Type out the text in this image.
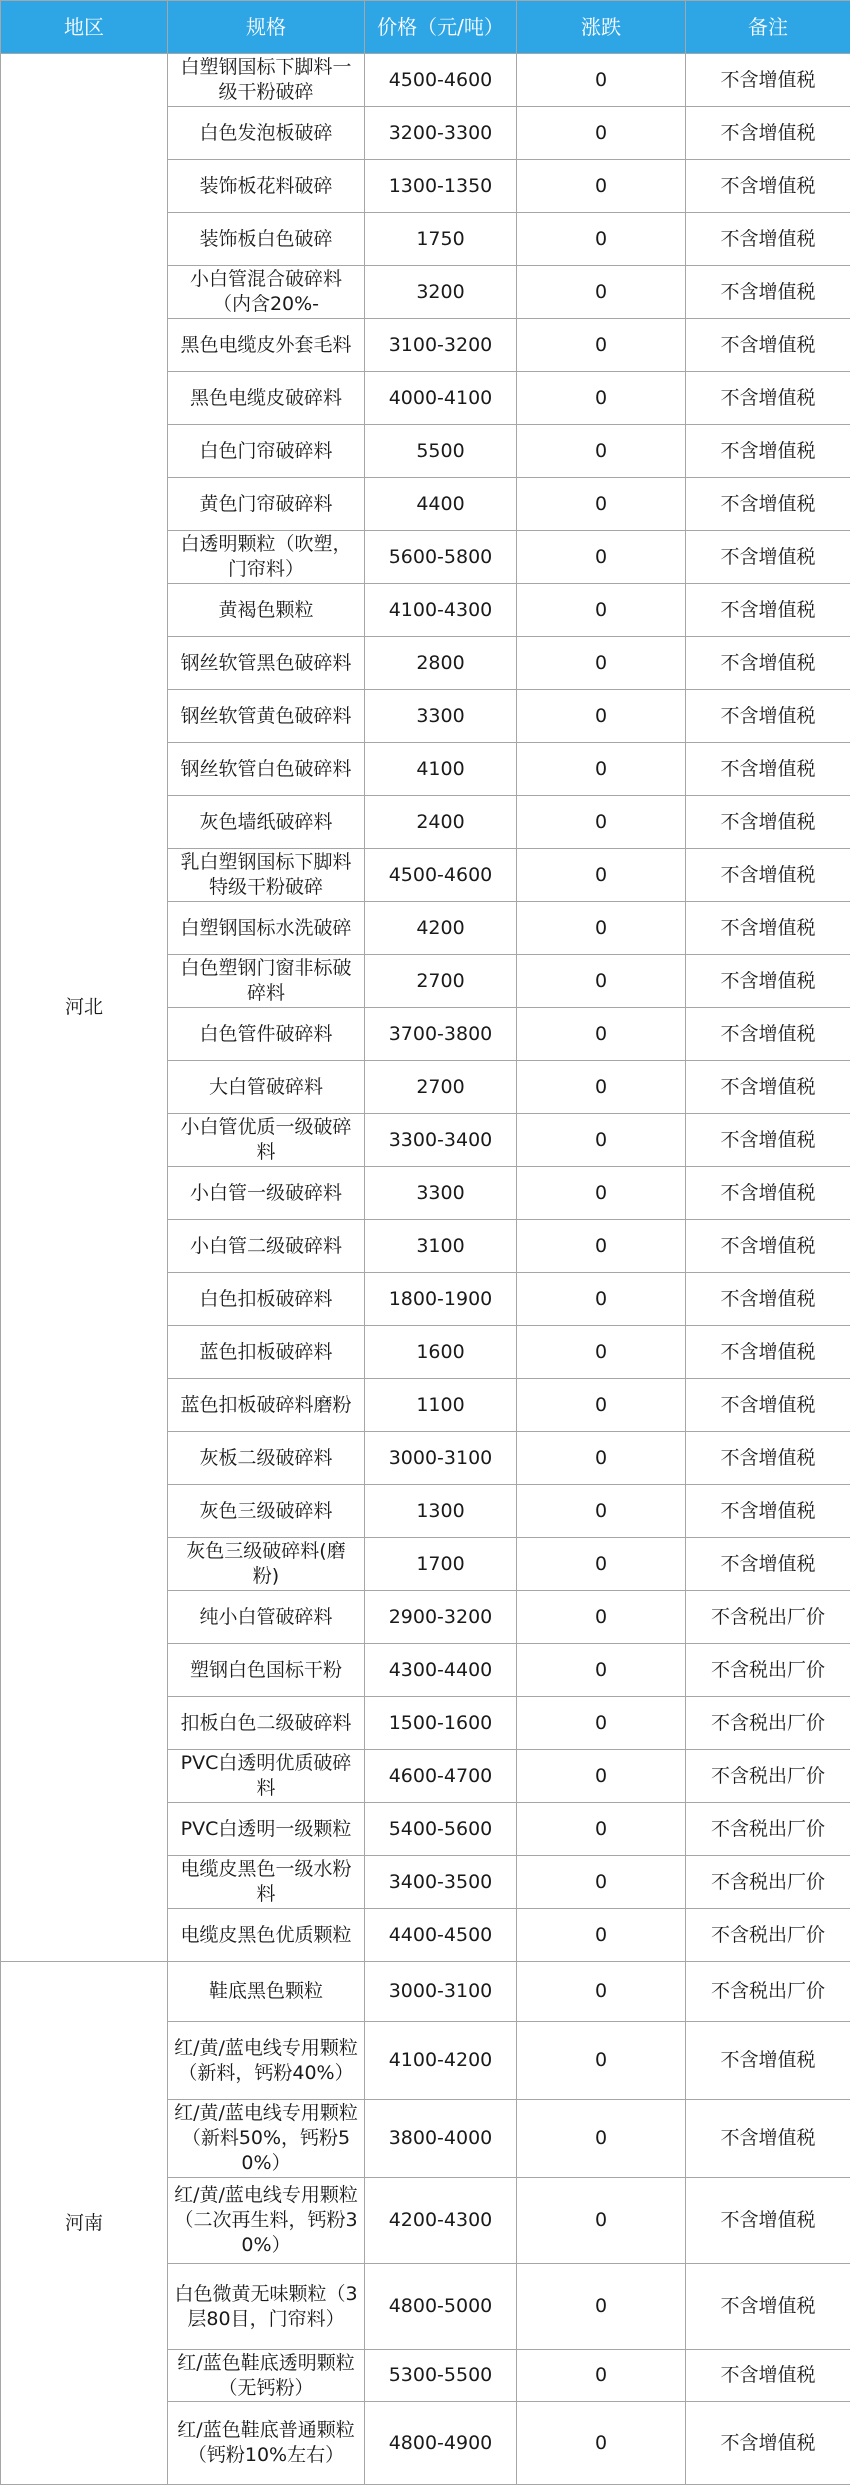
地区	规格	价格（元/吨）	涨跌	备注
河北	白塑钢国标下脚料一级干粉破碎	4500-4600	0	不含增值税
	白色发泡板破碎	3200-3300	0	不含增值税
	装饰板花料破碎	1300-1350	0	不含增值税
	装饰板白色破碎	1750	0	不含增值税
	小白管混合破碎料（内含20%-	3200	0	不含增值税
	黑色电缆皮外套毛料	3100-3200	0	不含增值税
	黑色电缆皮破碎料	4000-4100	0	不含增值税
	白色门帘破碎料	5500	0	不含增值税
	黄色门帘破碎料	4400	0	不含增值税
	白透明颗粒（吹塑，门帘料）	5600-5800	0	不含增值税
	黄褐色颗粒	4100-4300	0	不含增值税
	钢丝软管黑色破碎料	2800	0	不含增值税
	钢丝软管黄色破碎料	3300	0	不含增值税
	钢丝软管白色破碎料	4100	0	不含增值税
	灰色墙纸破碎料	2400	0	不含增值税
	乳白塑钢国标下脚料特级干粉破碎	4500-4600	0	不含增值税
	白塑钢国标水洗破碎	4200	0	不含增值税
	白色塑钢门窗非标破碎料	2700	0	不含增值税
	白色管件破碎料	3700-3800	0	不含增值税
	大白管破碎料	2700	0	不含增值税
	小白管优质一级破碎料	3300-3400	0	不含增值税
	小白管一级破碎料	3300	0	不含增值税
	小白管二级破碎料	3100	0	不含增值税
	白色扣板破碎料	1800-1900	0	不含增值税
	蓝色扣板破碎料	1600	0	不含增值税
	蓝色扣板破碎料磨粉	1100	0	不含增值税
	灰板二级破碎料	3000-3100	0	不含增值税
	灰色三级破碎料	1300	0	不含增值税
	灰色三级破碎料(磨粉)	1700	0	不含增值税
	纯小白管破碎料	2900-3200	0	不含税出厂价
	塑钢白色国标干粉	4300-4400	0	不含税出厂价
	扣板白色二级破碎料	1500-1600	0	不含税出厂价
	PVC白透明优质破碎料	4600-4700	0	不含税出厂价
	PVC白透明一级颗粒	5400-5600	0	不含税出厂价
	电缆皮黑色一级水粉料	3400-3500	0	不含税出厂价
	电缆皮黑色优质颗粒	4400-4500	0	不含税出厂价
河南	鞋底黑色颗粒	3000-3100	0	不含税出厂价
	红/黄/蓝电线专用颗粒（新料，钙粉40%）	4100-4200	0	不含增值税
	红/黄/蓝电线专用颗粒（新料50%，钙粉50%）	3800-4000	0	不含增值税
	红/黄/蓝电线专用颗粒（二次再生料，钙粉30%）	4200-4300	0	不含增值税
	白色微黄无味颗粒（3层80目，门帘料）	4800-5000	0	不含增值税
	红/蓝色鞋底透明颗粒（无钙粉）	5300-5500	0	不含增值税
	红/蓝色鞋底普通颗粒（钙粉10%左右）	4800-4900	0	不含增值税
